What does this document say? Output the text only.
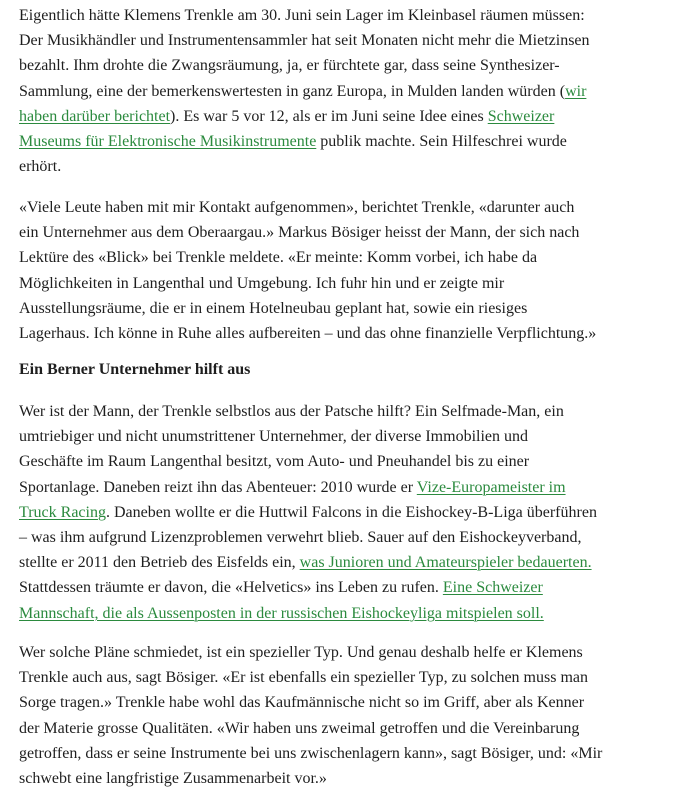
Eigentlich hätte Klemens Trenkle am 30. Juni sein Lager im Kleinbasel räumen müssen:
Der Musikhändler und Instrumentensammler hat seit Monaten nicht mehr die Mietzinsen
bezahlt. Ihm drohte die Zwangsräumung, ja, er fürchtete gar, dass seine Synthesizer-
Sammlung, eine der bemerkenswertesten in ganz Europa, in Mulden landen würden (wir
haben darüber berichtet). Es war 5 vor 12, als er im Juni seine Idee eines Schweizer
Museums für Elektronische Musikinstrumente publik machte. Sein Hilfeschrei wurde
erhört.

«Viele Leute haben mit mir Kontakt aufgenommen», berichtet Trenkle, «darunter auch
ein Unternehmer aus dem Oberaargau.» Markus Bösiger heisst der Mann, der sich nach
Lektüre des «Blick» bei Trenkle meldete. «Er meinte: Komm vorbei, ich habe da
Möglichkeiten in Langenthal und Umgebung. Ich fuhr hin und er zeigte mir
Ausstellungsräume, die er in einem Hotelneubau geplant hat, sowie ein riesiges
Lagerhaus. Ich könne in Ruhe alles aufbereiten – und das ohne finanzielle Verpflichtung.»

Ein Berner Unternehmer hilft aus

Wer ist der Mann, der Trenkle selbstlos aus der Patsche hilft? Ein Selfmade-Man, ein
umtriebiger und nicht unumstrittener Unternehmer, der diverse Immobilien und
Geschäfte im Raum Langenthal besitzt, vom Auto- und Pneuhandel bis zu einer
Sportanlage. Daneben reizt ihn das Abenteuer: 2010 wurde er Vize-Europameister im
Truck Racing. Daneben wollte er die Huttwil Falcons in die Eishockey-B-Liga überführen
– was ihm aufgrund Lizenzproblemen verwehrt blieb. Sauer auf den Eishockeyverband,
stellte er 2011 den Betrieb des Eisfelds ein, was Junioren und Amateurspieler bedauerten.
Stattdessen träumte er davon, die «Helvetics» ins Leben zu rufen. Eine Schweizer
Mannschaft, die als Aussenposten in der russischen Eishockeyliga mitspielen soll.

Wer solche Pläne schmiedet, ist ein spezieller Typ. Und genau deshalb helfe er Klemens
Trenkle auch aus, sagt Bösiger. «Er ist ebenfalls ein spezieller Typ, zu solchen muss man
Sorge tragen.» Trenkle habe wohl das Kaufmännische nicht so im Griff, aber als Kenner
der Materie grosse Qualitäten. «Wir haben uns zweimal getroffen und die Vereinbarung
getroffen, dass er seine Instrumente bei uns zwischenlagern kann», sagt Bösiger, und: «Mir
schwebt eine langfristige Zusammenarbeit vor.»
